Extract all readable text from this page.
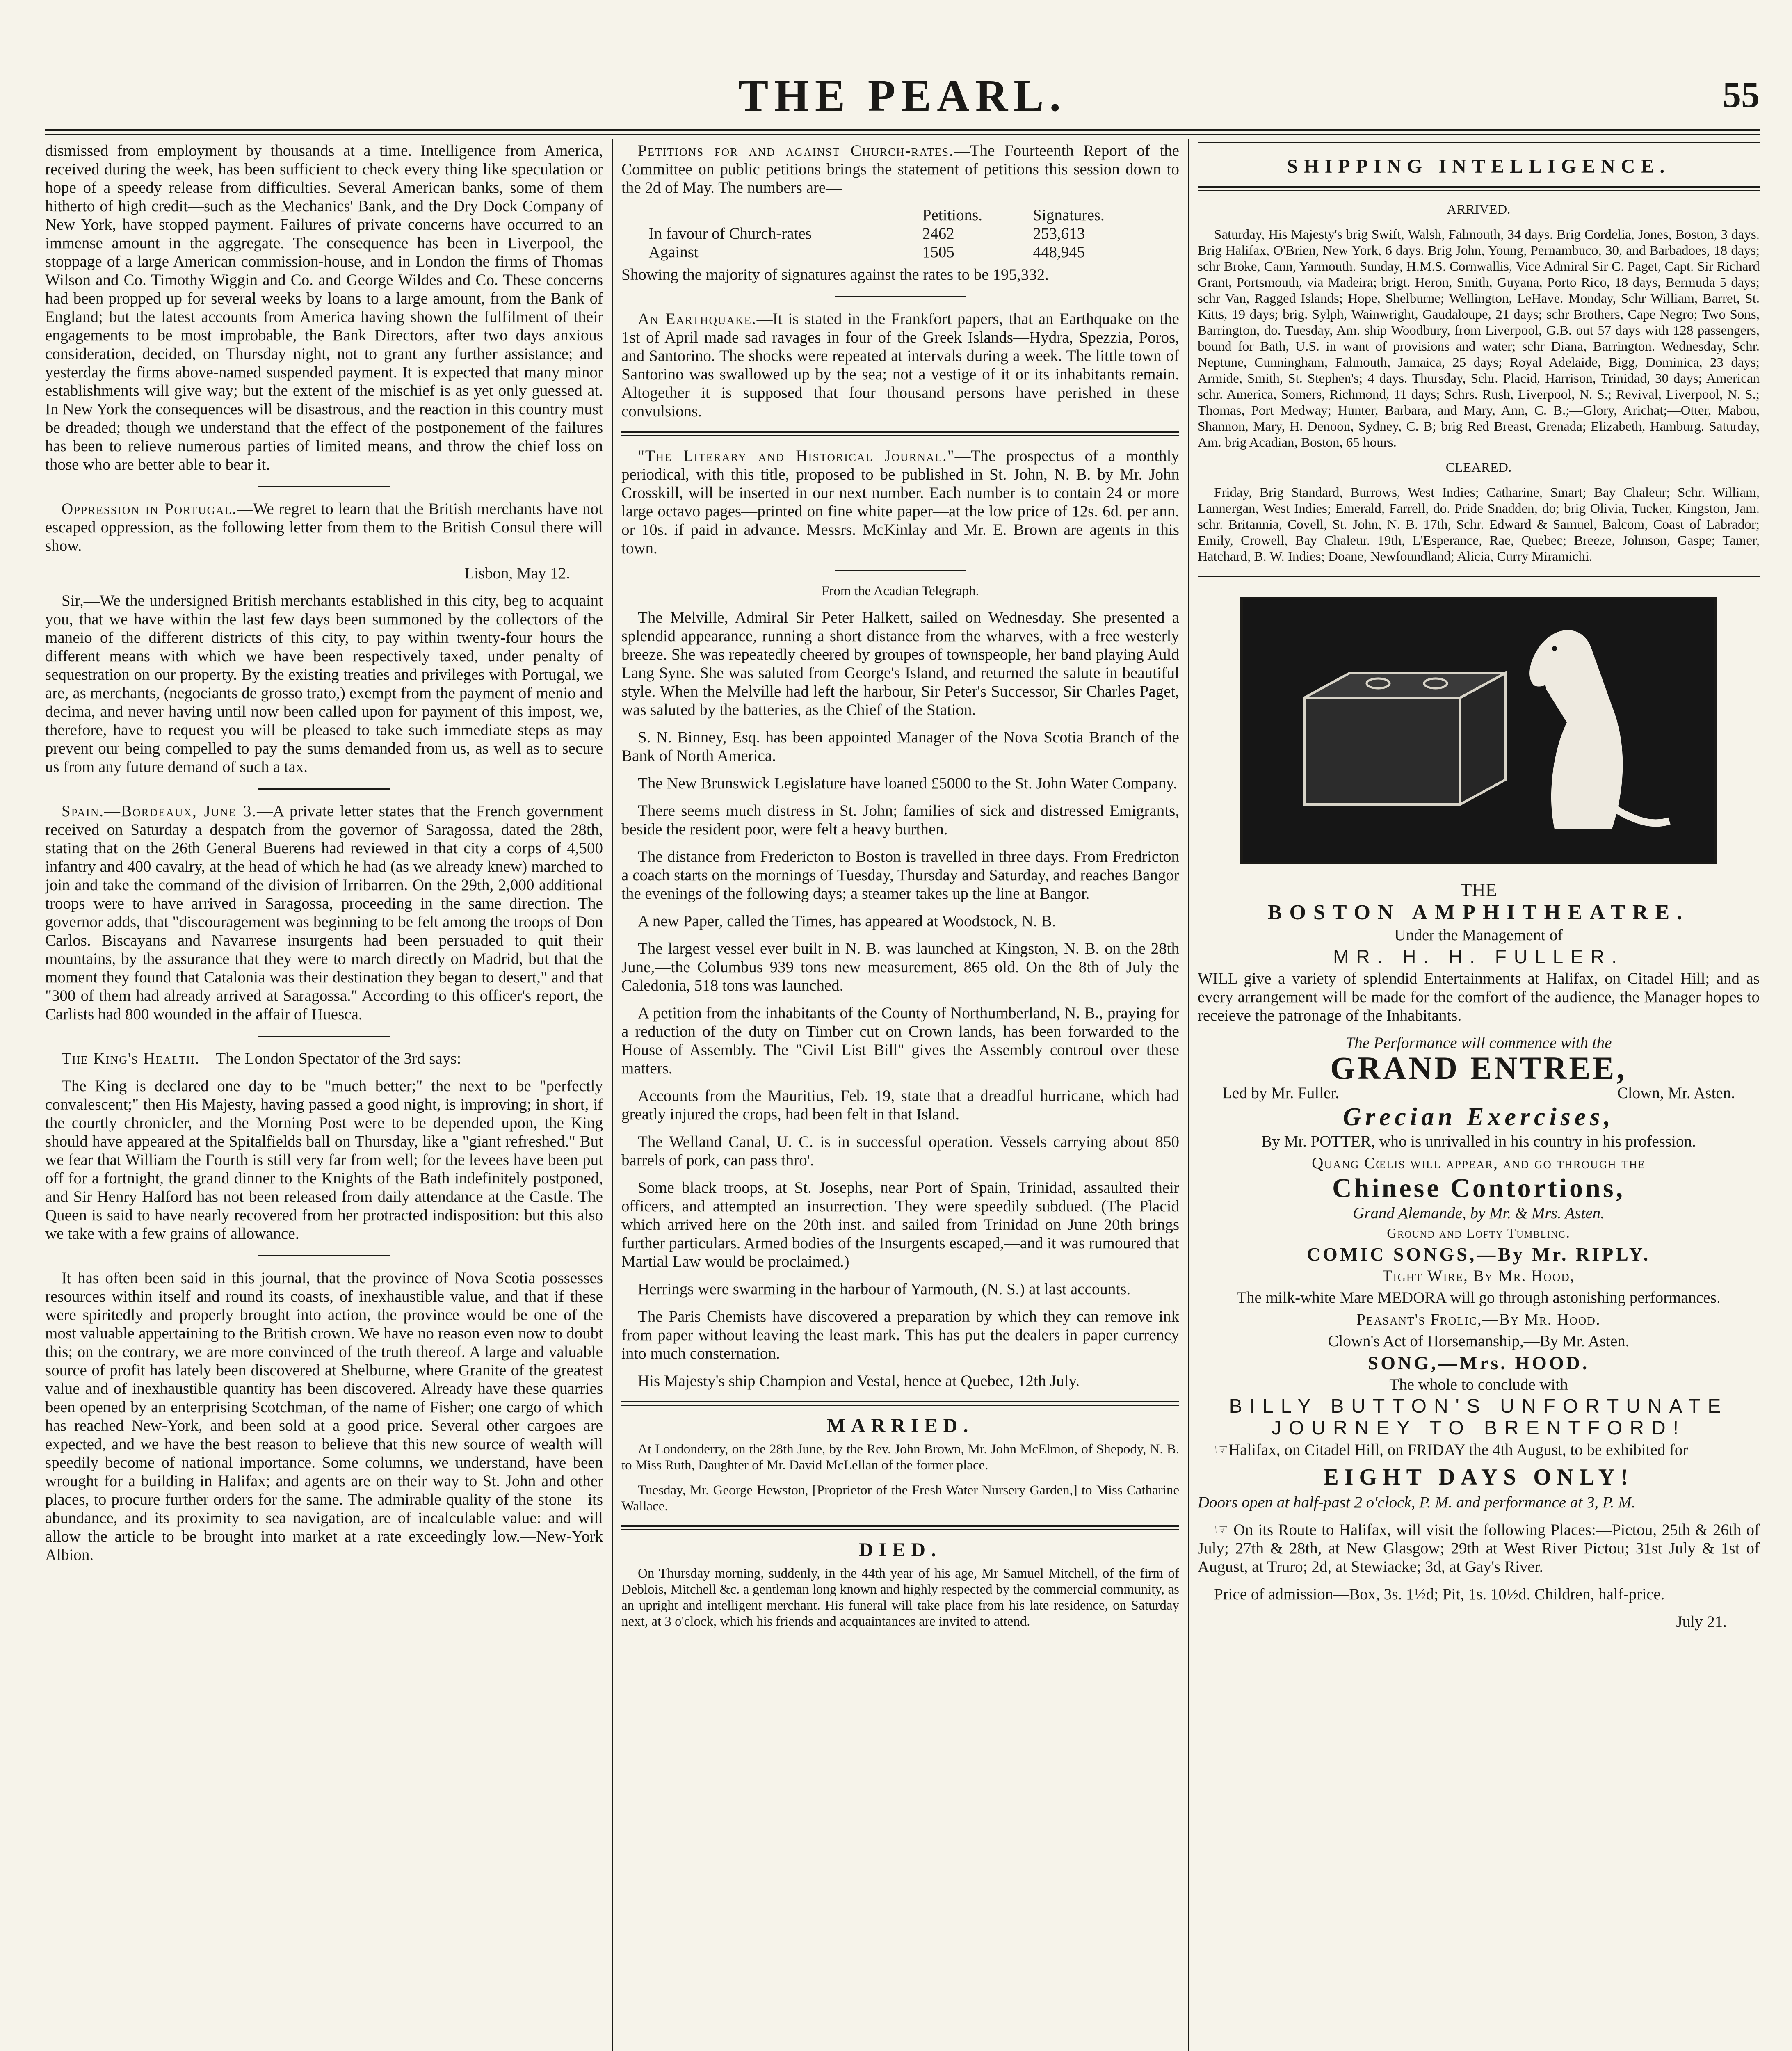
THE PEARL.	55

dismissed from employment by thousands at a time. Intelligence from America, received during the week, has been sufficient to check every thing like speculation or hope of a speedy release from difficulties. Several American banks, some of them hitherto of high credit—such as the Mechanics' Bank, and the Dry Dock Company of New York, have stopped payment. Failures of private concerns have occurred to an immense amount in the aggregate. The consequence has been in Liverpool, the stoppage of a large American commission-house, and in London the firms of Thomas Wilson and Co. Timothy Wiggin and Co. and George Wildes and Co. These concerns had been propped up for several weeks by loans to a large amount, from the Bank of England; but the latest accounts from America having shown the fulfilment of their engagements to be most improbable, the Bank Directors, after two days anxious consideration, decided, on Thursday night, not to grant any further assistance; and yesterday the firms above-named suspended payment. It is expected that many minor establishments will give way; but the extent of the mischief is as yet only guessed at. In New York the consequences will be disastrous, and the reaction in this country must be dreaded; though we understand that the effect of the postponement of the failures has been to relieve numerous parties of limited means, and throw the chief loss on those who are better able to bear it.

Oppression in Portugal.—We regret to learn that the British merchants have not escaped oppression, as the following letter from them to the British Consul there will show.

Lisbon, May 12.

Sir,—We the undersigned British merchants established in this city, beg to acquaint you, that we have within the last few days been summoned by the collectors of the maneio of the different districts of this city, to pay within twenty-four hours the different means with which we have been respectively taxed, under penalty of sequestration on our property. By the existing treaties and privileges with Portugal, we are, as merchants, (negociants de grosso trato,) exempt from the payment of menio and decima, and never having until now been called upon for payment of this impost, we, therefore, have to request you will be pleased to take such immediate steps as may prevent our being compelled to pay the sums demanded from us, as well as to secure us from any future demand of such a tax.

Spain.—Bordeaux, June 3.—A private letter states that the French government received on Saturday a despatch from the governor of Saragossa, dated the 28th, stating that on the 26th General Buerens had reviewed in that city a corps of 4,500 infantry and 400 cavalry, at the head of which he had (as we already knew) marched to join and take the command of the division of Irribarren. On the 29th, 2,000 additional troops were to have arrived in Saragossa, proceeding in the same direction. The governor adds, that "discouragement was beginning to be felt among the troops of Don Carlos. Biscayans and Navarrese insurgents had been persuaded to quit their mountains, by the assurance that they were to march directly on Madrid, but that the moment they found that Catalonia was their destination they began to desert," and that "300 of them had already arrived at Saragossa." According to this officer's report, the Carlists had 800 wounded in the affair of Huesca.

The King's Health.—The London Spectator of the 3rd says:

The King is declared one day to be "much better;" the next to be "perfectly convalescent;" then His Majesty, having passed a good night, is improving; in short, if the courtly chronicler, and the Morning Post were to be depended upon, the King should have appeared at the Spitalfields ball on Thursday, like a "giant refreshed." But we fear that William the Fourth is still very far from well; for the levees have been put off for a fortnight, the grand dinner to the Knights of the Bath indefinitely postponed, and Sir Henry Halford has not been released from daily attendance at the Castle. The Queen is said to have nearly recovered from her protracted indisposition: but this also we take with a few grains of allowance.

It has often been said in this journal, that the province of Nova Scotia possesses resources within itself and round its coasts, of inexhaustible value, and that if these were spiritedly and properly brought into action, the province would be one of the most valuable appertaining to the British crown. We have no reason even now to doubt this; on the contrary, we are more convinced of the truth thereof. A large and valuable source of profit has lately been discovered at Shelburne, where Granite of the greatest value and of inexhaustible quantity has been discovered. Already have these quarries been opened by an enterprising Scotchman, of the name of Fisher; one cargo of which has reached New-York, and been sold at a good price. Several other cargoes are expected, and we have the best reason to believe that this new source of wealth will speedily become of national importance. Some columns, we understand, have been wrought for a building in Halifax; and agents are on their way to St. John and other places, to procure further orders for the same. The admirable quality of the stone—its abundance, and its proximity to sea navigation, are of incalculable value: and will allow the article to be brought into market at a rate exceedingly low.—New-York Albion.

Petitions for and against Church-rates.—The Fourteenth Report of the Committee on public petitions brings the statement of petitions this session down to the 2d of May. The numbers are—

	Petitions.	Signatures.
In favour of Church-rates	2462	253,613
Against	1505	448,945

Showing the majority of signatures against the rates to be 195,332.

An Earthquake.—It is stated in the Frankfort papers, that an Earthquake on the 1st of April made sad ravages in four of the Greek Islands—Hydra, Spezzia, Poros, and Santorino. The shocks were repeated at intervals during a week. The little town of Santorino was swallowed up by the sea; not a vestige of it or its inhabitants remain. Altogether it is supposed that four thousand persons have perished in these convulsions.

"The Literary and Historical Journal."—The prospectus of a monthly periodical, with this title, proposed to be published in St. John, N. B. by Mr. John Crosskill, will be inserted in our next number. Each number is to contain 24 or more large octavo pages—printed on fine white paper—at the low price of 12s. 6d. per ann. or 10s. if paid in advance. Messrs. McKinlay and Mr. E. Brown are agents in this town.

From the Acadian Telegraph.

The Melville, Admiral Sir Peter Halkett, sailed on Wednesday. She presented a splendid appearance, running a short distance from the wharves, with a free westerly breeze. She was repeatedly cheered by groupes of townspeople, her band playing Auld Lang Syne. She was saluted from George's Island, and returned the salute in beautiful style. When the Melville had left the harbour, Sir Peter's Successor, Sir Charles Paget, was saluted by the batteries, as the Chief of the Station.

S. N. Binney, Esq. has been appointed Manager of the Nova Scotia Branch of the Bank of North America.

The New Brunswick Legislature have loaned £5000 to the St. John Water Company.

There seems much distress in St. John; families of sick and distressed Emigrants, beside the resident poor, were felt a heavy burthen.

The distance from Fredericton to Boston is travelled in three days. From Fredricton a coach starts on the mornings of Tuesday, Thursday and Saturday, and reaches Bangor the evenings of the following days; a steamer takes up the line at Bangor.

A new Paper, called the Times, has appeared at Woodstock, N. B.

The largest vessel ever built in N. B. was launched at Kingston, N. B. on the 28th June,—the Columbus 939 tons new measurement, 865 old. On the 8th of July the Caledonia, 518 tons was launched.

A petition from the inhabitants of the County of Northumberland, N. B., praying for a reduction of the duty on Timber cut on Crown lands, has been forwarded to the House of Assembly. The "Civil List Bill" gives the Assembly controul over these matters.

Accounts from the Mauritius, Feb. 19, state that a dreadful hurricane, which had greatly injured the crops, had been felt in that Island.

The Welland Canal, U. C. is in successful operation. Vessels carrying about 850 barrels of pork, can pass thro'.

Some black troops, at St. Josephs, near Port of Spain, Trinidad, assaulted their officers, and attempted an insurrection. They were speedily subdued. (The Placid which arrived here on the 20th inst. and sailed from Trinidad on June 20th brings further particulars. Armed bodies of the Insurgents escaped,—and it was rumoured that Martial Law would be proclaimed.)

Herrings were swarming in the harbour of Yarmouth, (N. S.) at last accounts.

The Paris Chemists have discovered a preparation by which they can remove ink from paper without leaving the least mark. This has put the dealers in paper currency into much consternation.

His Majesty's ship Champion and Vestal, hence at Quebec, 12th July.

MARRIED.

At Londonderry, on the 28th June, by the Rev. John Brown, Mr. John McElmon, of Shepody, N. B. to Miss Ruth, Daughter of Mr. David McLellan of the former place.

Tuesday, Mr. George Hewston, [Proprietor of the Fresh Water Nursery Garden,] to Miss Catharine Wallace.

DIED.

On Thursday morning, suddenly, in the 44th year of his age, Mr Samuel Mitchell, of the firm of Deblois, Mitchell &c. a gentleman long known and highly respected by the commercial community, as an upright and intelligent merchant. His funeral will take place from his late residence, on Saturday next, at 3 o'clock, which his friends and acquaintances are invited to attend.

SHIPPING INTELLIGENCE.

ARRIVED.

Saturday, His Majesty's brig Swift, Walsh, Falmouth, 34 days. Brig Cordelia, Jones, Boston, 3 days. Brig Halifax, O'Brien, New York, 6 days. Brig John, Young, Pernambuco, 30, and Barbadoes, 18 days; schr Broke, Cann, Yarmouth. Sunday, H.M.S. Cornwallis, Vice Admiral Sir C. Paget, Capt. Sir Richard Grant, Portsmouth, via Madeira; brigt. Heron, Smith, Guyana, Porto Rico, 18 days, Bermuda 5 days; schr Van, Ragged Islands; Hope, Shelburne; Wellington, LeHave. Monday, Schr William, Barret, St. Kitts, 19 days; brig. Sylph, Wainwright, Gaudaloupe, 21 days; schr Brothers, Cape Negro; Two Sons, Barrington, do. Tuesday, Am. ship Woodbury, from Liverpool, G.B. out 57 days with 128 passengers, bound for Bath, U.S. in want of provisions and water; schr Diana, Barrington. Wednesday, Schr. Neptune, Cunningham, Falmouth, Jamaica, 25 days; Royal Adelaide, Bigg, Dominica, 23 days; Armide, Smith, St. Stephen's; 4 days. Thursday, Schr. Placid, Harrison, Trinidad, 30 days; American schr. America, Somers, Richmond, 11 days; Schrs. Rush, Liverpool, N. S.; Revival, Liverpool, N. S.; Thomas, Port Medway; Hunter, Barbara, and Mary, Ann, C. B.;—Glory, Arichat;—Otter, Mabou, Shannon, Mary, H. Denoon, Sydney, C. B; brig Red Breast, Grenada; Elizabeth, Hamburg. Saturday, Am. brig Acadian, Boston, 65 hours.

CLEARED.

Friday, Brig Standard, Burrows, West Indies; Catharine, Smart; Bay Chaleur; Schr. William, Lannergan, West Indies; Emerald, Farrell, do. Pride Snadden, do; brig Olivia, Tucker, Kingston, Jam. schr. Britannia, Covell, St. John, N. B. 17th, Schr. Edward & Samuel, Balcom, Coast of Labrador; Emily, Crowell, Bay Chaleur. 19th, L'Esperance, Rae, Quebec; Breeze, Johnson, Gaspe; Tamer, Hatchard, B. W. Indies; Doane, Newfoundland; Alicia, Curry Miramichi.

THE

BOSTON AMPHITHEATRE.

Under the Management of

MR. H. H. FULLER.

WILL give a variety of splendid Entertainments at Halifax, on Citadel Hill; and as every arrangement will be made for the comfort of the audience, the Manager hopes to receieve the patronage of the Inhabitants.

The Performance will commence with the

GRAND ENTREE,

Led by Mr. Fuller.	Clown, Mr. Asten.

Grecian Exercises,

By Mr. POTTER, who is unrivalled in his country in his profession.

Quang Cœlis will appear, and go through the

Chinese Contortions,

Grand Alemande, by Mr. & Mrs. Asten.

Ground and Lofty Tumbling.

COMIC SONGS,—By Mr. RIPLY.

Tight Wire, By Mr. Hood,

The milk-white Mare MEDORA will go through astonishing performances.

Peasant's Frolic,—By Mr. Hood.

Clown's Act of Horsemanship,—By Mr. Asten.

SONG,—Mrs. HOOD.

The whole to conclude with

BILLY BUTTON'S UNFORTUNATE

JOURNEY TO BRENTFORD!

☞Halifax, on Citadel Hill, on FRIDAY the 4th August, to be exhibited for

EIGHT DAYS ONLY!

Doors open at half-past 2 o'clock, P. M. and performance at 3, P. M.

☞ On its Route to Halifax, will visit the following Places:—Pictou, 25th & 26th of July; 27th & 28th, at New Glasgow; 29th at West River Pictou; 31st July & 1st of August, at Truro; 2d, at Stewiacke; 3d, at Gay's River.

Price of admission—Box, 3s. 1½d; Pit, 1s. 10½d. Children, half-price.

July 21.
